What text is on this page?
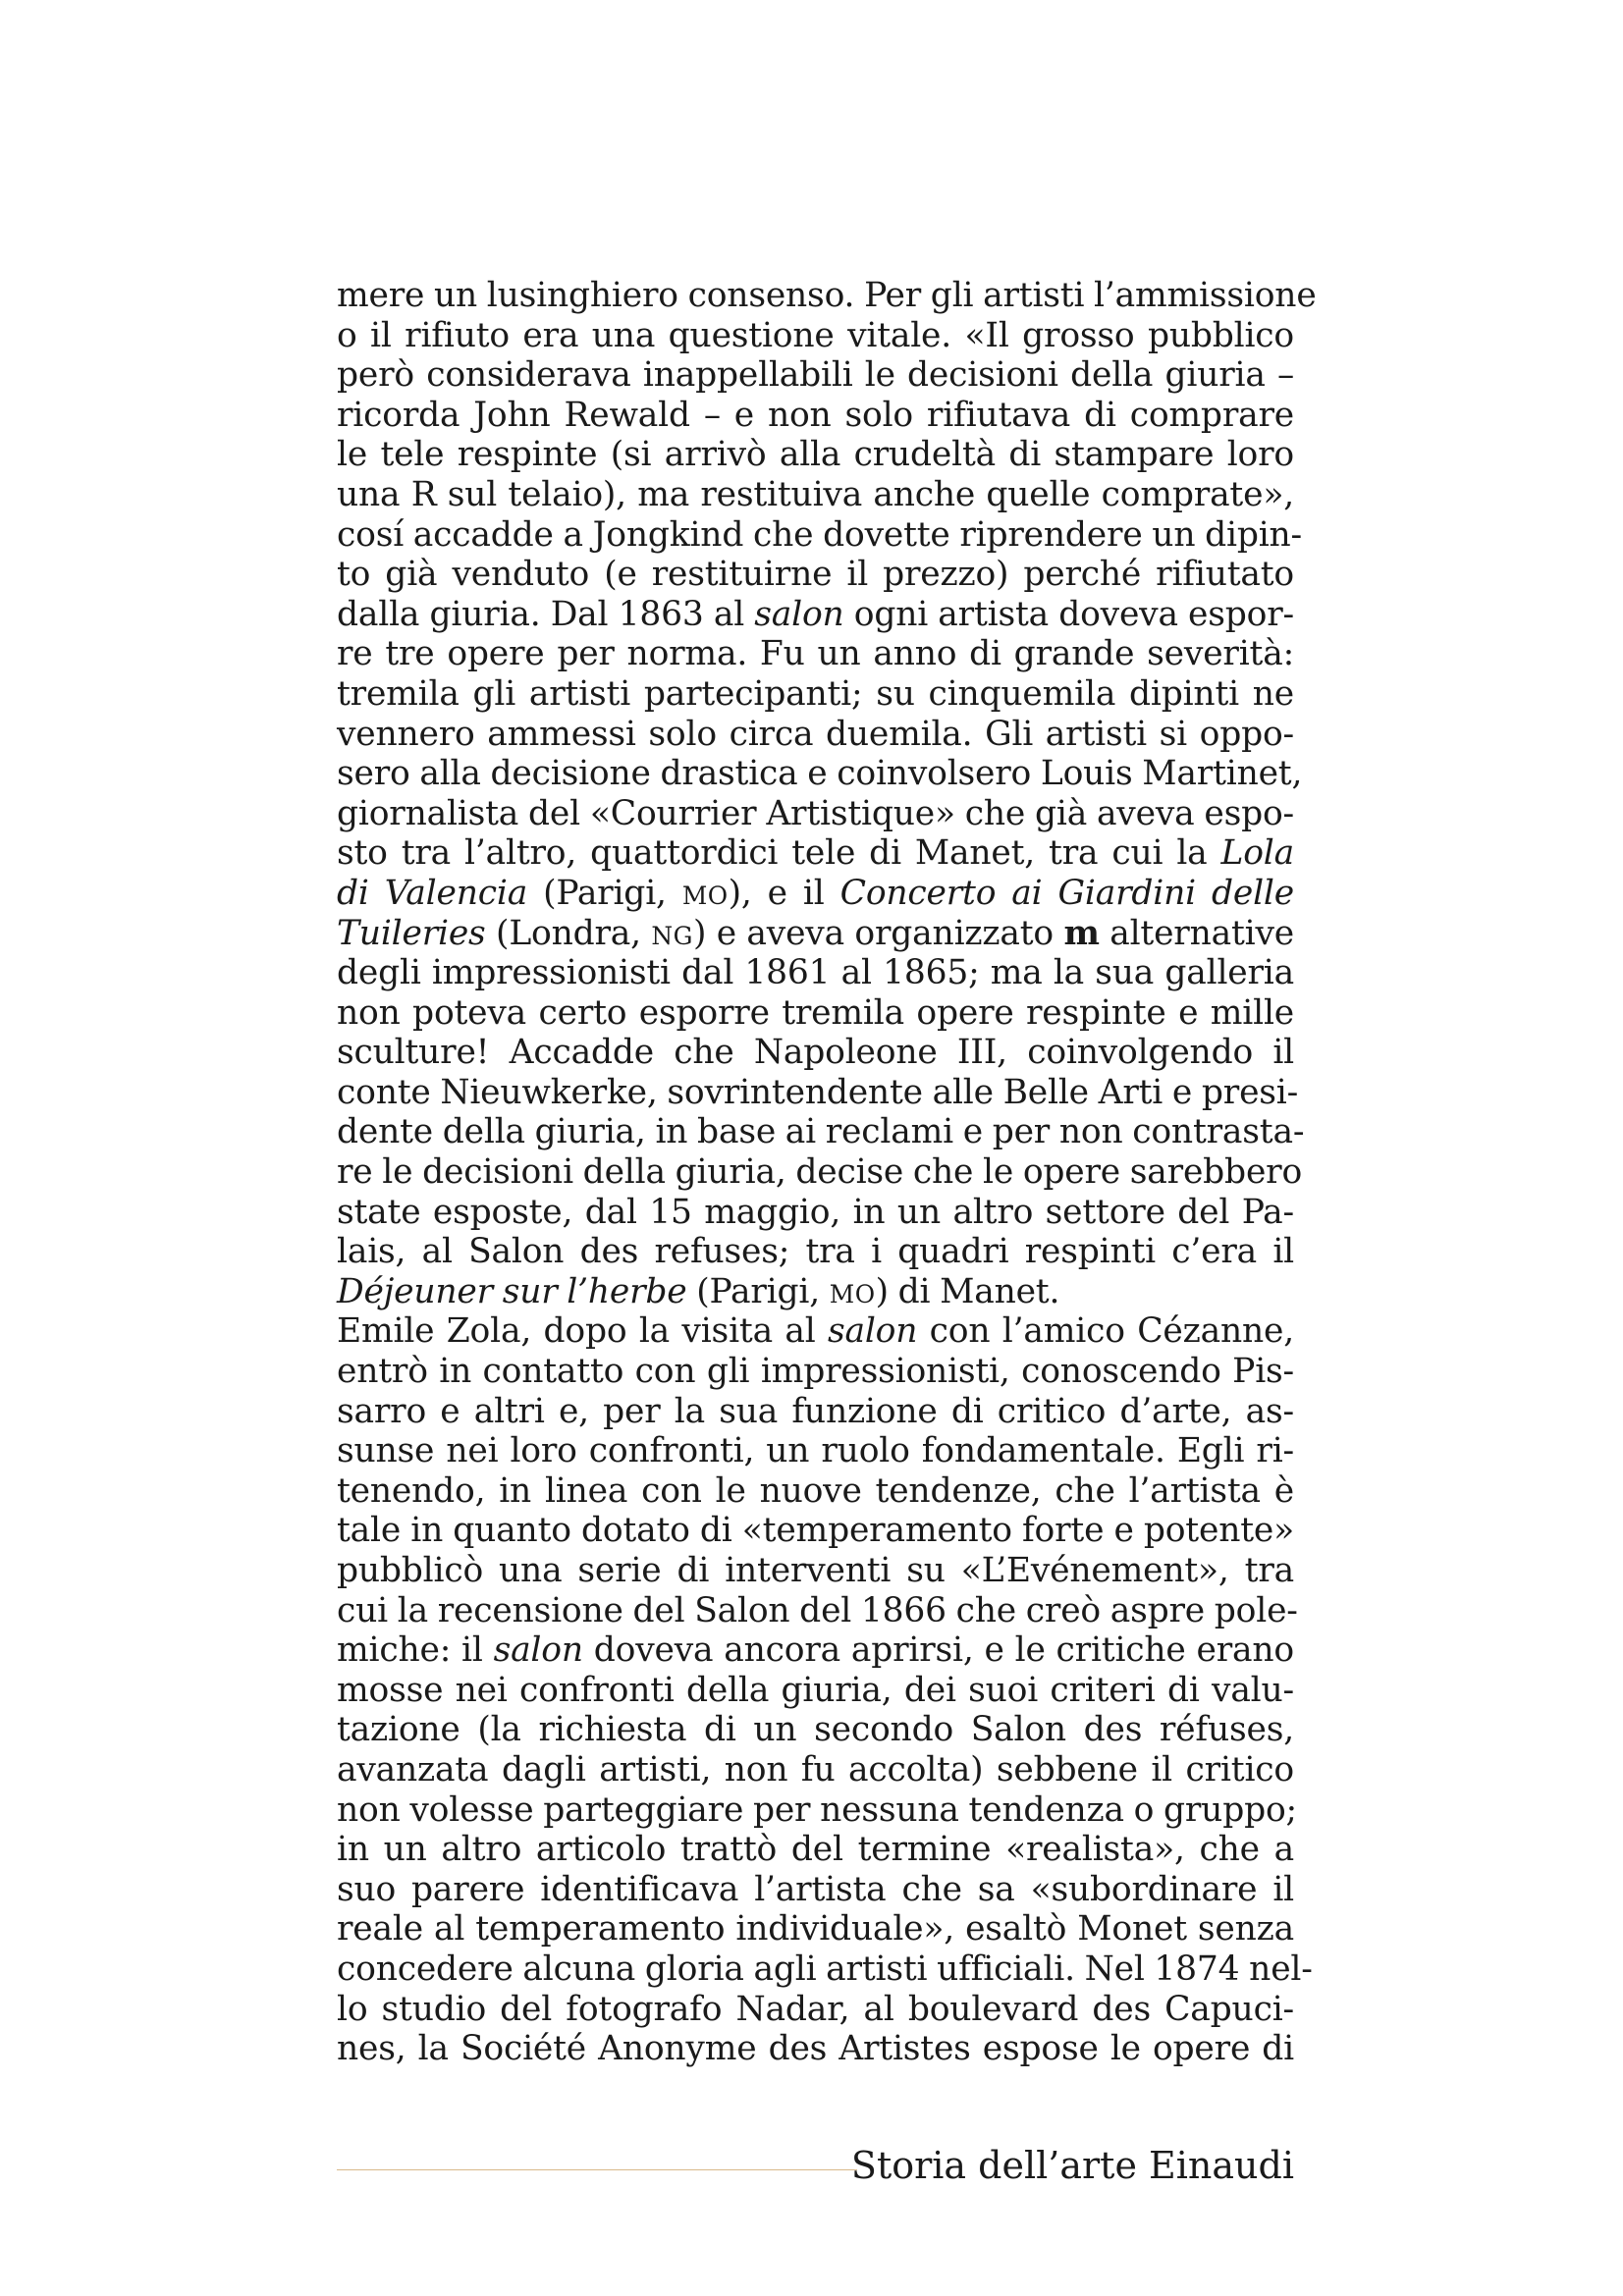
mere un lusinghiero consenso. Per gli artisti l’ammissione
o il rifiuto era una questione vitale. «Il grosso pubblico
però considerava inappellabili le decisioni della giuria –
ricorda John Rewald – e non solo rifiutava di comprare
le tele respinte (si arrivò alla crudeltà di stampare loro
una R sul telaio), ma restituiva anche quelle comprate»,
cosí accadde a Jongkind che dovette riprendere un dipin-
to già venduto (e restituirne il prezzo) perché rifiutato
dalla giuria. Dal 1863 al salon ogni artista doveva espor-
re tre opere per norma. Fu un anno di grande severità:
tremila gli artisti partecipanti; su cinquemila dipinti ne
vennero ammessi solo circa duemila. Gli artisti si oppo-
sero alla decisione drastica e coinvolsero Louis Martinet,
giornalista del «Courrier Artistique» che già aveva espo-
sto tra l’altro, quattordici tele di Manet, tra cui la Lola
di Valencia (Parigi, MO), e il Concerto ai Giardini delle
Tuileries (Londra, NG) e aveva organizzato m alternative
degli impressionisti dal 1861 al 1865; ma la sua galleria
non poteva certo esporre tremila opere respinte e mille
sculture! Accadde che Napoleone III, coinvolgendo il
conte Nieuwkerke, sovrintendente alle Belle Arti e presi-
dente della giuria, in base ai reclami e per non contrasta-
re le decisioni della giuria, decise che le opere sarebbero
state esposte, dal 15 maggio, in un altro settore del Pa-
lais, al Salon des refuses; tra i quadri respinti c’era il
Déjeuner sur l’herbe (Parigi, MO) di Manet.
Emile Zola, dopo la visita al salon con l’amico Cézanne,
entrò in contatto con gli impressionisti, conoscendo Pis-
sarro e altri e, per la sua funzione di critico d’arte, as-
sunse nei loro confronti, un ruolo fondamentale. Egli ri-
tenendo, in linea con le nuove tendenze, che l’artista è
tale in quanto dotato di «temperamento forte e potente»
pubblicò una serie di interventi su «L’Evénement», tra
cui la recensione del Salon del 1866 che creò aspre pole-
miche: il salon doveva ancora aprirsi, e le critiche erano
mosse nei confronti della giuria, dei suoi criteri di valu-
tazione (la richiesta di un secondo Salon des réfuses,
avanzata dagli artisti, non fu accolta) sebbene il critico
non volesse parteggiare per nessuna tendenza o gruppo;
in un altro articolo trattò del termine «realista», che a
suo parere identificava l’artista che sa «subordinare il
reale al temperamento individuale», esaltò Monet senza
concedere alcuna gloria agli artisti ufficiali. Nel 1874 nel-
lo studio del fotografo Nadar, al boulevard des Capuci-
nes, la Société Anonyme des Artistes espose le opere di
Storia dell’arte Einaudi
